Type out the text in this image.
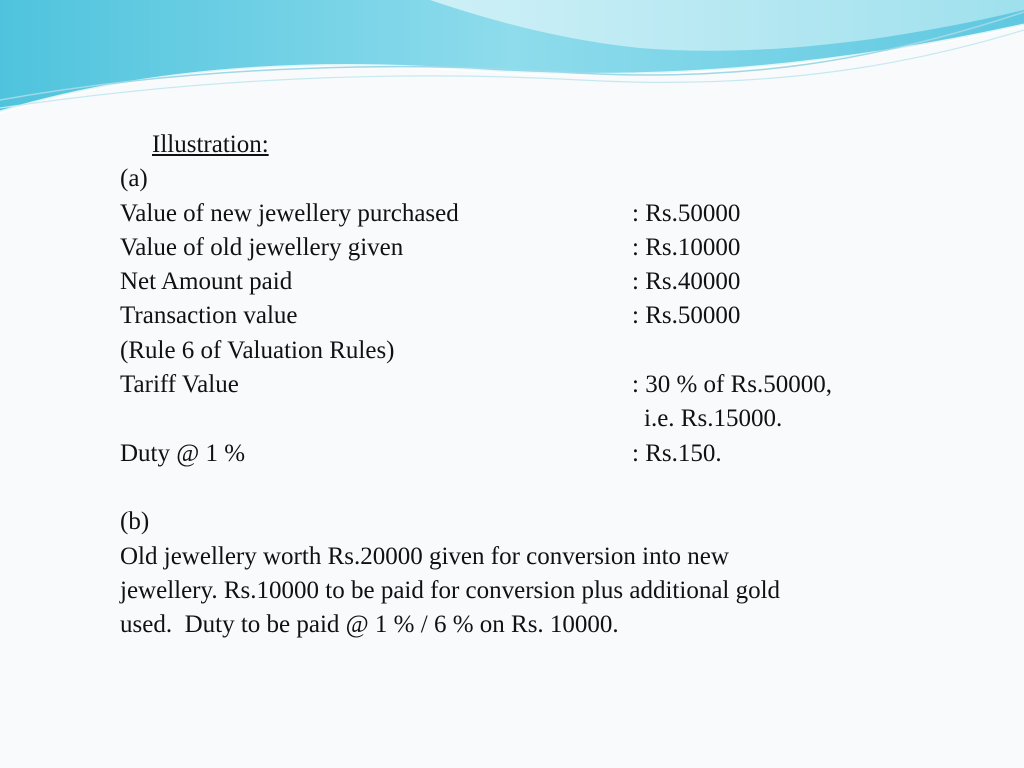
Illustration:
(a)
Value of new jewellery purchased	: Rs.50000
Value of old jewellery given	: Rs.10000
Net Amount paid	: Rs.40000
Transaction value	: Rs.50000
(Rule 6 of Valuation Rules)
Tariff Value	: 30 % of Rs.50000,
i.e. Rs.15000.
Duty @ 1 %	: Rs.150.
(b)
Old jewellery worth Rs.20000 given for conversion into new
jewellery. Rs.10000 to be paid for conversion plus additional gold
used.  Duty to be paid @ 1 % / 6 % on Rs. 10000.
